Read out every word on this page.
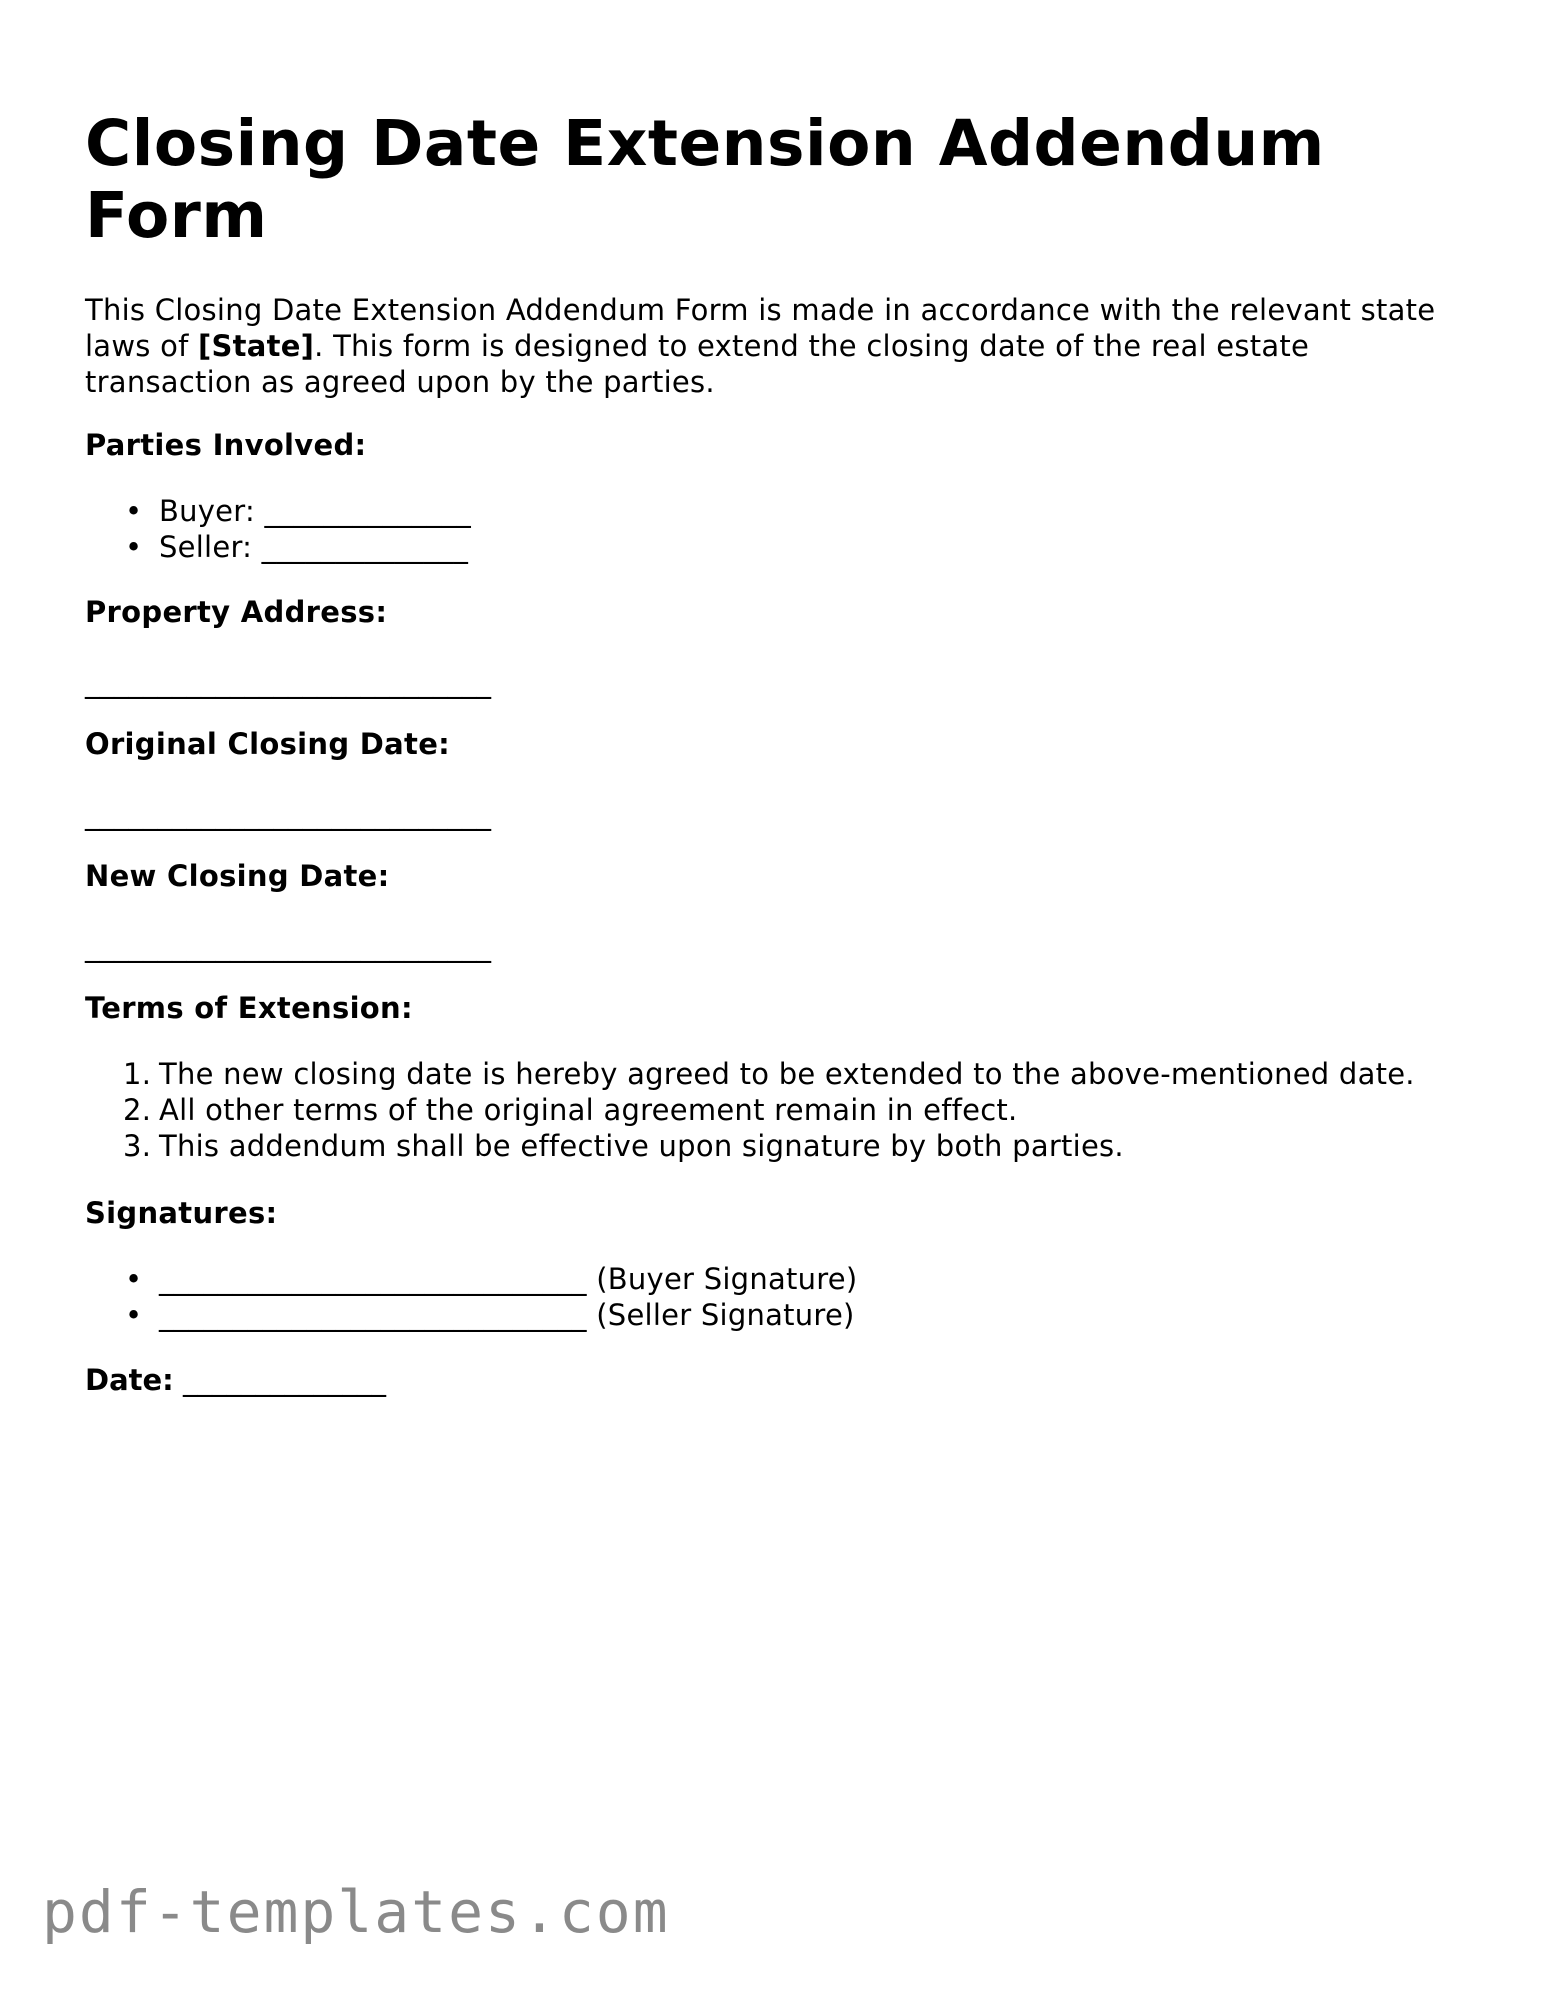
Closing Date Extension Addendum Form

This Closing Date Extension Addendum Form is made in accordance with the relevant state laws of [State]. This form is designed to extend the closing date of the real estate transaction as agreed upon by the parties.

Parties Involved:

• Buyer: ______________
• Seller: ______________

Property Address:

____________________________

Original Closing Date:

____________________________

New Closing Date:

____________________________

Terms of Extension:

1. The new closing date is hereby agreed to be extended to the above-mentioned date.
2. All other terms of the original agreement remain in effect.
3. This addendum shall be effective upon signature by both parties.

Signatures:

• _____________________________ (Buyer Signature)
• _____________________________ (Seller Signature)
Date: ______________
pdf-templates.com
